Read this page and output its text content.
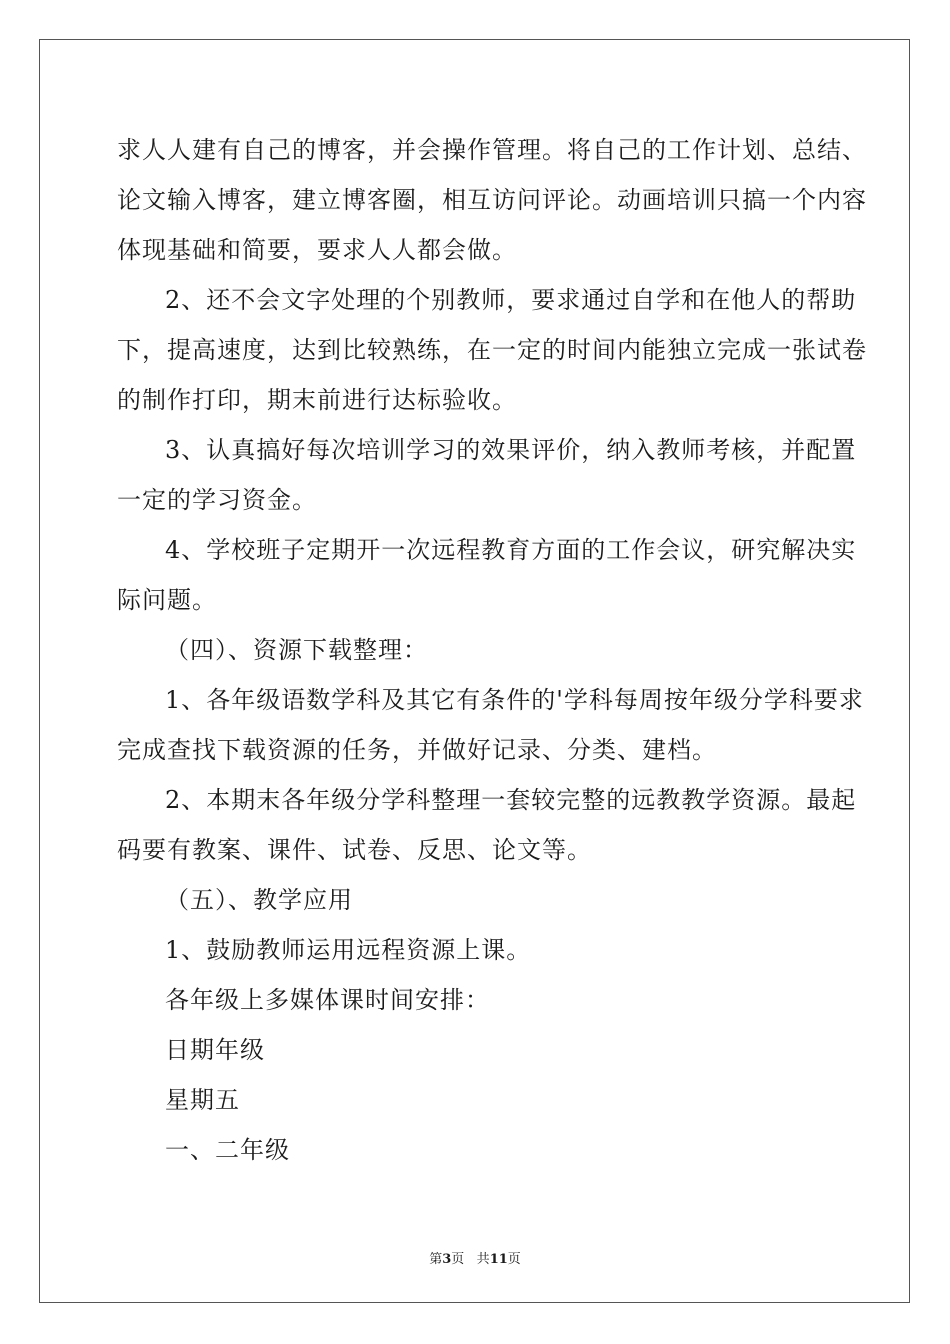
求人人建有自己的博客，并会操作管理。将自己的工作计划、总结、
论文输入博客，建立博客圈，相互访问评论。动画培训只搞一个内容
体现基础和简要，要求人人都会做。
2、还不会文字处理的个别教师，要求通过自学和在他人的帮助
下，提高速度，达到比较熟练，在一定的时间内能独立完成一张试卷
的制作打印，期末前进行达标验收。
3、认真搞好每次培训学习的效果评价，纳入教师考核，并配置
一定的学习资金。
4、学校班子定期开一次远程教育方面的工作会议，研究解决实
际问题。
（四）、资源下载整理：
1、各年级语数学科及其它有条件的'学科每周按年级分学科要求
完成查找下载资源的任务，并做好记录、分类、建档。
2、本期末各年级分学科整理一套较完整的远教教学资源。最起
码要有教案、课件、试卷、反思、论文等。
（五）、教学应用
1、鼓励教师运用远程资源上课。
各年级上多媒体课时间安排：
日期年级
星期五
一、二年级
第3页 共11页
